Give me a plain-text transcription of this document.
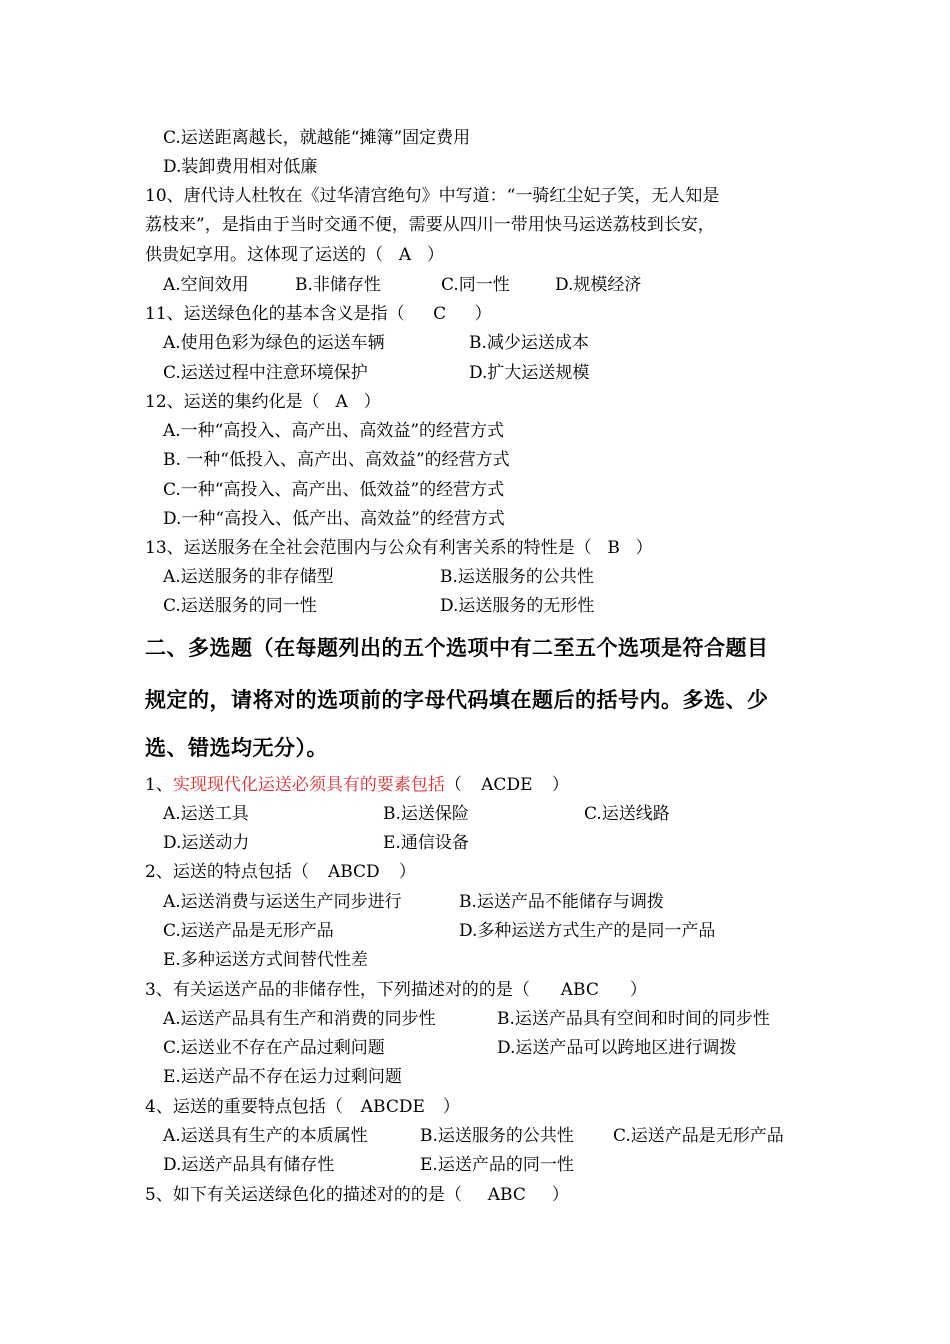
C.运送距离越长，就越能“摊簿”固定费用
D.装卸费用相对低廉
10、唐代诗人杜牧在《过华清宫绝句》中写道：“一骑红尘妃子笑，无人知是
荔枝来”，是指由于当时交通不便，需要从四川一带用快马运送荔枝到长安，
供贵妃享用。这体现了运送的（ A ）
A.空间效用	B.非储存性	C.同一性	D.规模经济
11、运送绿色化的基本含义是指（ C ）
A.使用色彩为绿色的运送车辆	B.减少运送成本
C.运送过程中注意环境保护	D.扩大运送规模
12、运送的集约化是（ A ）
A.一种“高投入、高产出、高效益”的经营方式
B. 一种“低投入、高产出、高效益”的经营方式
C.一种“高投入、高产出、低效益”的经营方式
D.一种“高投入、低产出、高效益”的经营方式
13、运送服务在全社会范围内与公众有利害关系的特性是（ B ）
A.运送服务的非存储型	B.运送服务的公共性
C.运送服务的同一性	D.运送服务的无形性
二、多选题（在每题列出的五个选项中有二至五个选项是符合题目
规定的，请将对的选项前的字母代码填在题后的括号内。多选、少
选、错选均无分）。
1、实现现代化运送必须具有的要素包括（ ACDE ）
A.运送工具	B.运送保险	C.运送线路
D.运送动力	E.通信设备
2、运送的特点包括（ ABCD ）
A.运送消费与运送生产同步进行	B.运送产品不能储存与调拨
C.运送产品是无形产品	D.多种运送方式生产的是同一产品
E.多种运送方式间替代性差
3、有关运送产品的非储存性，下列描述对的的是（ ABC ）
A.运送产品具有生产和消费的同步性	B.运送产品具有空间和时间的同步性
C.运送业不存在产品过剩问题	D.运送产品可以跨地区进行调拨
E.运送产品不存在运力过剩问题
4、运送的重要特点包括（ ABCDE ）
A.运送具有生产的本质属性	B.运送服务的公共性 C.运送产品是无形产品
D.运送产品具有储存性	E.运送产品的同一性
5、如下有关运送绿色化的描述对的的是（ ABC ）
